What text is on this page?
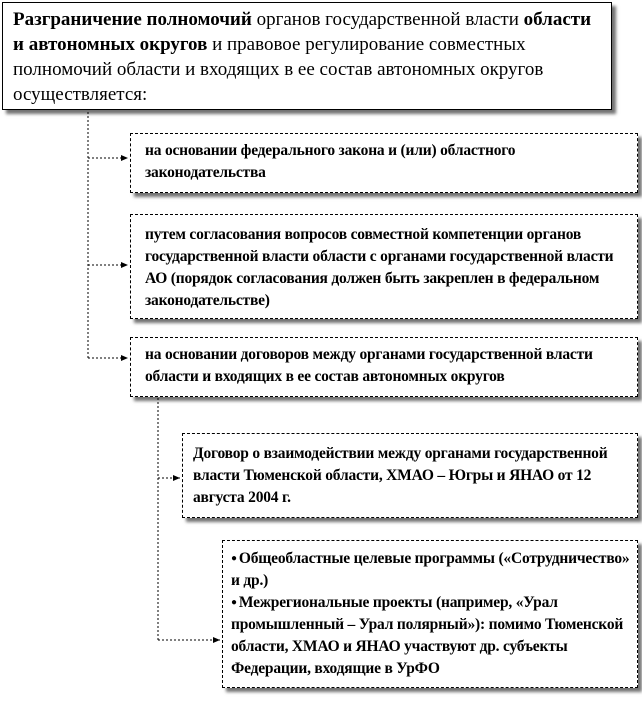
Разграничение полномочий органов государственной власти области и автономных округов и правовое регулирование совместных полномочий области и входящих в ее состав автономных округов осуществляется:
на основании федерального закона и (или) областного законодательства
путем согласования вопросов совместной компетенции органов государственной власти области с органами государственной власти АО (порядок согласования должен быть закреплен в федеральном законодательстве)
на основании договоров между органами государственной власти области и входящих в ее состав автономных округов
Договор о взаимодействии между органами государственной власти Тюменской области, ХМАО – Югры и ЯНАО от 12 августа 2004 г.
● Общеобластные целевые программы («Сотрудничество» и др.)
● Межрегиональные проекты (например, «Урал промышленный – Урал полярный»): помимо Тюменской области, ХМАО и ЯНАО участвуют др. субъекты Федерации, входящие в УрФО
